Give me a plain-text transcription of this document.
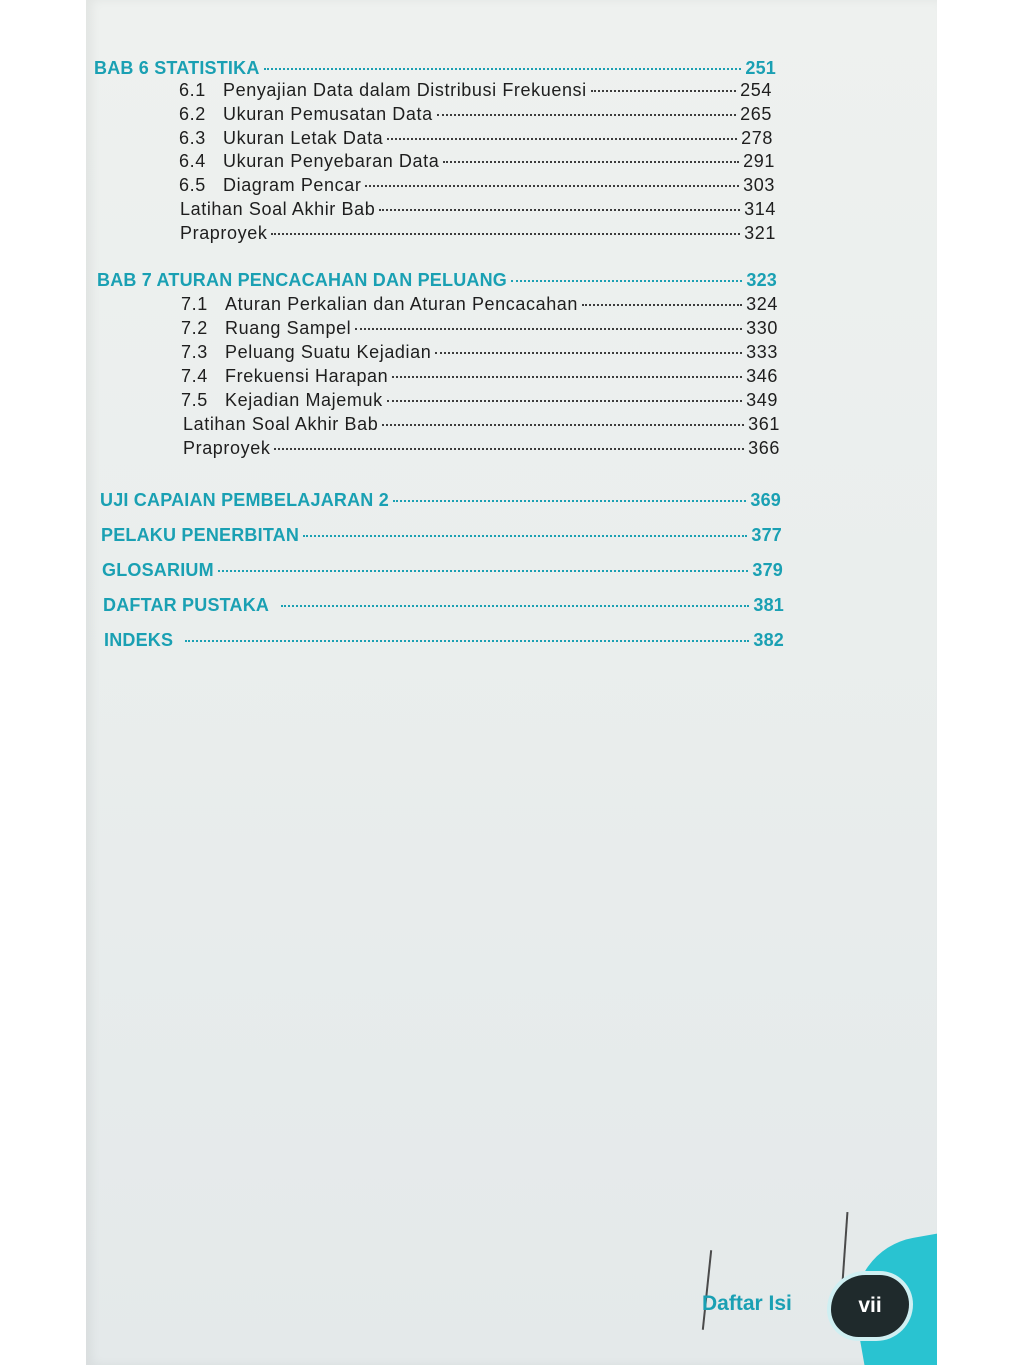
BAB 6 STATISTIKA	251
6.1 Penyajian Data dalam Distribusi Frekuensi	254
6.2 Ukuran Pemusatan Data	265
6.3 Ukuran Letak Data	278
6.4 Ukuran Penyebaran Data	291
6.5 Diagram Pencar	303
Latihan Soal Akhir Bab	314
Praproyek	321
BAB 7 ATURAN PENCACAHAN DAN PELUANG	323
7.1 Aturan Perkalian dan Aturan Pencacahan	324
7.2 Ruang Sampel	330
7.3 Peluang Suatu Kejadian	333
7.4 Frekuensi Harapan	346
7.5 Kejadian Majemuk	349
Latihan Soal Akhir Bab	361
Praproyek	366
UJI CAPAIAN PEMBELAJARAN 2	369
PELAKU PENERBITAN	377
GLOSARIUM	379
DAFTAR PUSTAKA	381
INDEKS	382
Daftar Isi	vii
